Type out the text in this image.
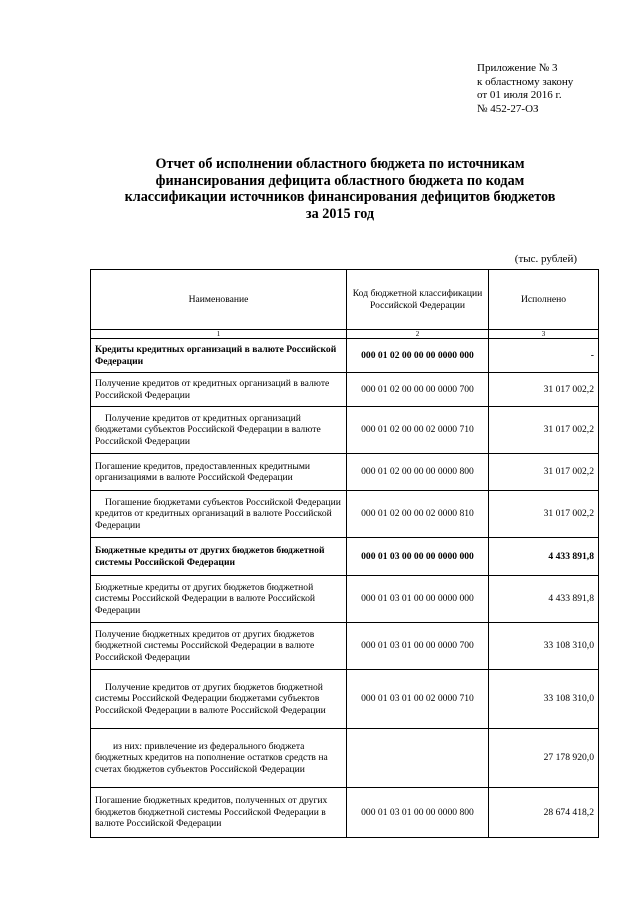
Приложение № 3
к областному закону
от 01 июля 2016 г.
№ 452-27-ОЗ
Отчет об исполнении областного бюджета по источникам
финансирования дефицита областного бюджета по кодам
классификации источников финансирования дефицитов бюджетов
за 2015 год
(тыс. рублей)
Наименование	Код бюджетной классификации Российской Федерации	Исполнено
1	2	3
Кредиты кредитных организаций в валюте Российской Федерации	000 01 02 00 00 00 0000 000	-
Получение кредитов от кредитных организаций в валюте Российской Федерации	000 01 02 00 00 00 0000 700	31 017 002,2
Получение кредитов от кредитных организаций бюджетами субъектов Российской Федерации в валюте Российской Федерации	000 01 02 00 00 02 0000 710	31 017 002,2
Погашение кредитов, предоставленных кредитными организациями в валюте Российской Федерации	000 01 02 00 00 00 0000 800	31 017 002,2
Погашение бюджетами субъектов Российской Федерации кредитов от кредитных организаций в валюте Российской Федерации	000 01 02 00 00 02 0000 810	31 017 002,2
Бюджетные кредиты от других бюджетов бюджетной системы Российской Федерации	000 01 03 00 00 00 0000 000	4 433 891,8
Бюджетные кредиты от других бюджетов бюджетной системы Российской Федерации в валюте Российской Федерации	000 01 03 01 00 00 0000 000	4 433 891,8
Получение бюджетных кредитов от других бюджетов бюджетной системы Российской Федерации в валюте Российской Федерации	000 01 03 01 00 00 0000 700	33 108 310,0
Получение кредитов от других бюджетов бюджетной системы Российской Федерации бюджетами субъектов Российской Федерации в валюте Российской Федерации	000 01 03 01 00 02 0000 710	33 108 310,0
из них: привлечение из федерального бюджета бюджетных кредитов на пополнение остатков средств на счетах бюджетов субъектов Российской Федерации		27 178 920,0
Погашение бюджетных кредитов, полученных от других бюджетов бюджетной системы Российской Федерации в валюте Российской Федерации	000 01 03 01 00 00 0000 800	28 674 418,2
